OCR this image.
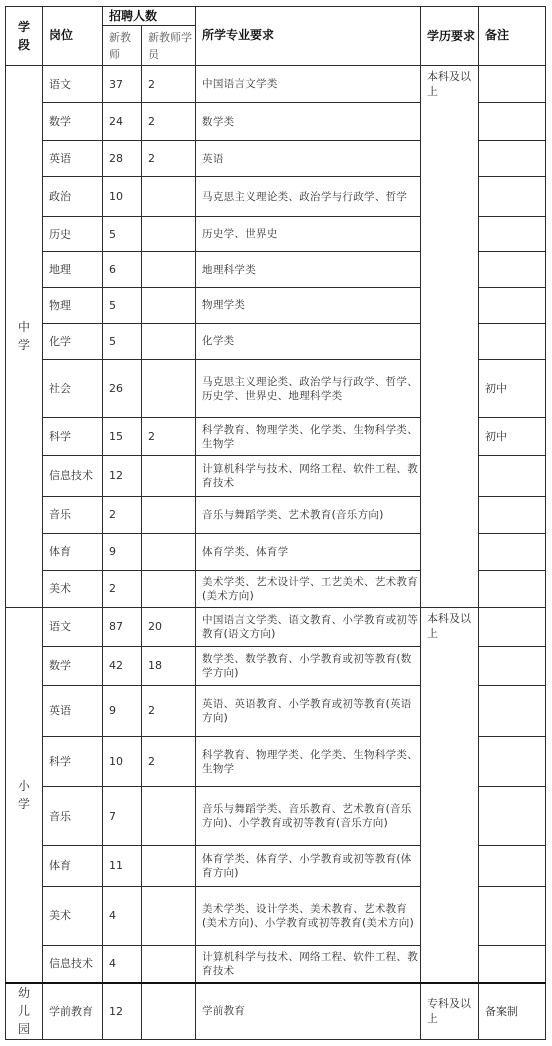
学段	岗位	招聘人数		所学专业要求	学历要求	备注
		新教师	新教师学员			
中学	语文	37	2	中国语言文学类	本科及以上	
	数学	24	2	数学类		
	英语	28	2	英语		
	政治	10		马克思主义理论类、政治学与行政学、哲学		
	历史	5		历史学、世界史		
	地理	6		地理科学类		
	物理	5		物理学类		
	化学	5		化学类		
	社会	26		马克思主义理论类、政治学与行政学、哲学、历史学、世界史、地理科学类		初中
	科学	15	2	科学教育、物理学类、化学类、生物科学类、生物学		初中
	信息技术	12		计算机科学与技术、网络工程、软件工程、教育技术		
	音乐	2		音乐与舞蹈学类、艺术教育(音乐方向)		
	体育	9		体育学类、体育学		
	美术	2		美术学类、艺术设计学、工艺美术、艺术教育(美术方向)		
小学	语文	87	20	中国语言文学类、语文教育、小学教育或初等教育(语文方向)	本科及以上	
	数学	42	18	数学类、数学教育、小学教育或初等教育(数学方向)		
	英语	9	2	英语、英语教育、小学教育或初等教育(英语方向)		
	科学	10	2	科学教育、物理学类、化学类、生物科学类、生物学		
	音乐	7		音乐与舞蹈学类、音乐教育、艺术教育(音乐方向)、小学教育或初等教育(音乐方向)		
	体育	11		体育学类、体育学、小学教育或初等教育(体育方向)		
	美术	4		美术学类、设计学类、美术教育、艺术教育(美术方向)、小学教育或初等教育(美术方向)		
	信息技术	4		计算机科学与技术、网络工程、软件工程、教育技术		
幼儿园	学前教育	12		学前教育	专科及以上	备案制
